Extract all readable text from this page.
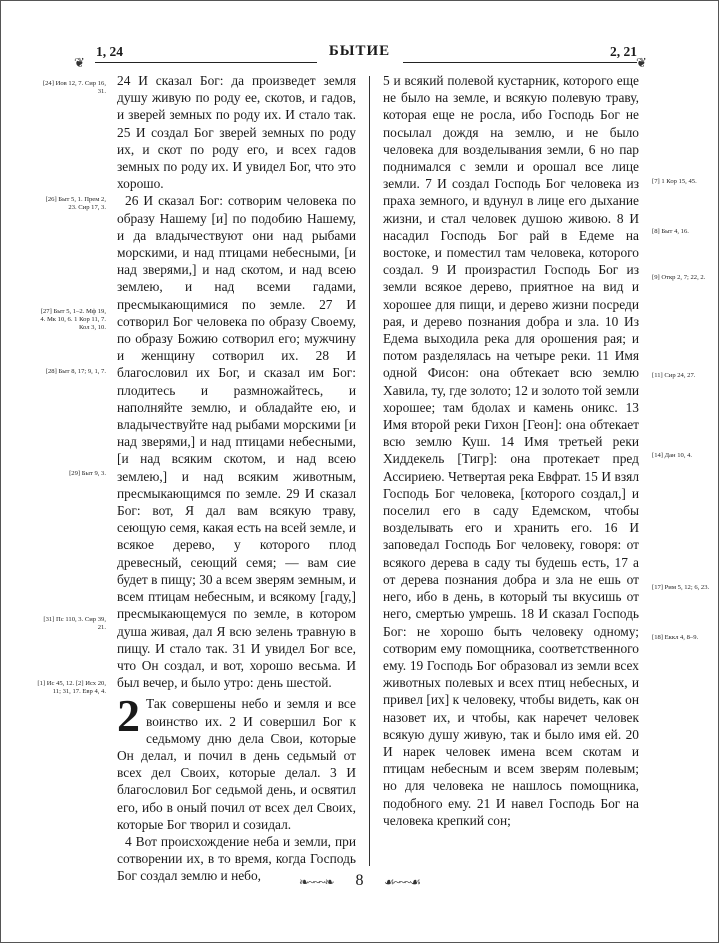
1, 24	БЫТИЕ	2, 21
❦	❦

24 И сказал Бог: да произведет земля душу живую по роду ее, скотов, и гадов, и зверей земных по роду их. И стало так. 25 И создал Бог зверей земных по роду их, и скот по роду его, и всех гадов земных по роду их. И увидел Бог, что это хорошо.

26 И сказал Бог: сотворим человека по образу Нашему [и] по подобию Нашему, и да владычествуют они над рыбами морскими, и над птицами небесными, [и над зверями,] и над скотом, и над всею землею, и над всеми гадами, пресмыкающимися по земле. 27 И сотворил Бог человека по образу Своему, по образу Божию сотворил его; мужчину и женщину сотворил их. 28 И благословил их Бог, и сказал им Бог: плодитесь и размножайтесь, и наполняйте землю, и обладайте ею, и владычествуйте над рыбами морскими [и над зверями,] и над птицами небесными, [и над всяким скотом, и над всею землею,] и над всяким животным, пресмыкающимся по земле. 29 И сказал Бог: вот, Я дал вам всякую траву, сеющую семя, какая есть на всей земле, и всякое дерево, у которого плод древесный, сеющий семя; — вам сие будет в пищу; 30 а всем зверям земным, и всем птицам небесным, и всякому [гаду,] пресмыкающемуся по земле, в котором душа живая, дал Я всю зелень травную в пищу. И стало так. 31 И увидел Бог все, что Он создал, и вот, хорошо весьма. И был вечер, и было утро: день шестой.

2 Так совершены небо и земля и все воинство их. 2 И совершил Бог к седьмому дню дела Свои, которые Он делал, и почил в день седьмый от всех дел Своих, которые делал. 3 И благословил Бог седьмой день, и освятил его, ибо в оный почил от всех дел Своих, которые Бог творил и созидал.

4 Вот происхождение неба и земли, при сотворении их, в то время, когда Господь Бог создал землю и небо,

5 и всякий полевой кустарник, которого еще не было на земле, и всякую полевую траву, которая еще не росла, ибо Господь Бог не посылал дождя на землю, и не было человека для возделывания земли, 6 но пар поднимался с земли и орошал все лице земли. 7 И создал Господь Бог человека из праха земного, и вдунул в лице его дыхание жизни, и стал человек душою живою. 8 И насадил Господь Бог рай в Едеме на востоке, и поместил там человека, которого создал. 9 И произрастил Господь Бог из земли всякое дерево, приятное на вид и хорошее для пищи, и дерево жизни посреди рая, и дерево познания добра и зла. 10 Из Едема выходила река для орошения рая; и потом разделялась на четыре реки. 11 Имя одной Фисон: она обтекает всю землю Хавила, ту, где золото; 12 и золото той земли хорошее; там бдолах и камень оникс. 13 Имя второй реки Гихон [Геон]: она обтекает всю землю Куш. 14 Имя третьей реки Хиддекель [Тигр]: она протекает пред Ассириею. Четвертая река Евфрат. 15 И взял Господь Бог человека, [которого создал,] и поселил его в саду Едемском, чтобы возделывать его и хранить его. 16 И заповедал Господь Бог человеку, говоря: от всякого дерева в саду ты будешь есть, 17 а от дерева познания добра и зла не ешь от него, ибо в день, в который ты вкусишь от него, смертью умрешь. 18 И сказал Господь Бог: не хорошо быть человеку одному; сотворим ему помощника, соответственного ему. 19 Господь Бог образовал из земли всех животных полевых и всех птиц небесных, и привел [их] к человеку, чтобы видеть, как он назовет их, и чтобы, как наречет человек всякую душу живую, так и было имя ей. 20 И нарек человек имена всем скотам и птицам небесным и всем зверям полевым; но для человека не нашлось помощника, подобного ему. 21 И навел Господь Бог на человека крепкий сон;

[24] Иов 12, 7. Сир 16, 31.
[26] Быт 5, 1. Прем 2, 23. Сир 17, 3.
[27] Быт 5, 1–2. Мф 19, 4. Мк 10, 6. 1 Кор 11, 7. Кол 3, 10.
[28] Быт 8, 17; 9, 1, 7.
[29] Быт 9, 3.
[31] Пс 110, 3. Сир 39, 21.
[1] Ис 45, 12. [2] Исх 20, 11; 31, 17. Евр 4, 4.
[7] 1 Кор 15, 45.
[8] Быт 4, 16.
[9] Откр 2, 7; 22, 2.
[11] Сир 24, 27.
[14] Дан 10, 4.
[17] Рим 5, 12; 6, 23.
[18] Еккл 4, 8–9.
❧~~~❧	8	☙~~~☙
